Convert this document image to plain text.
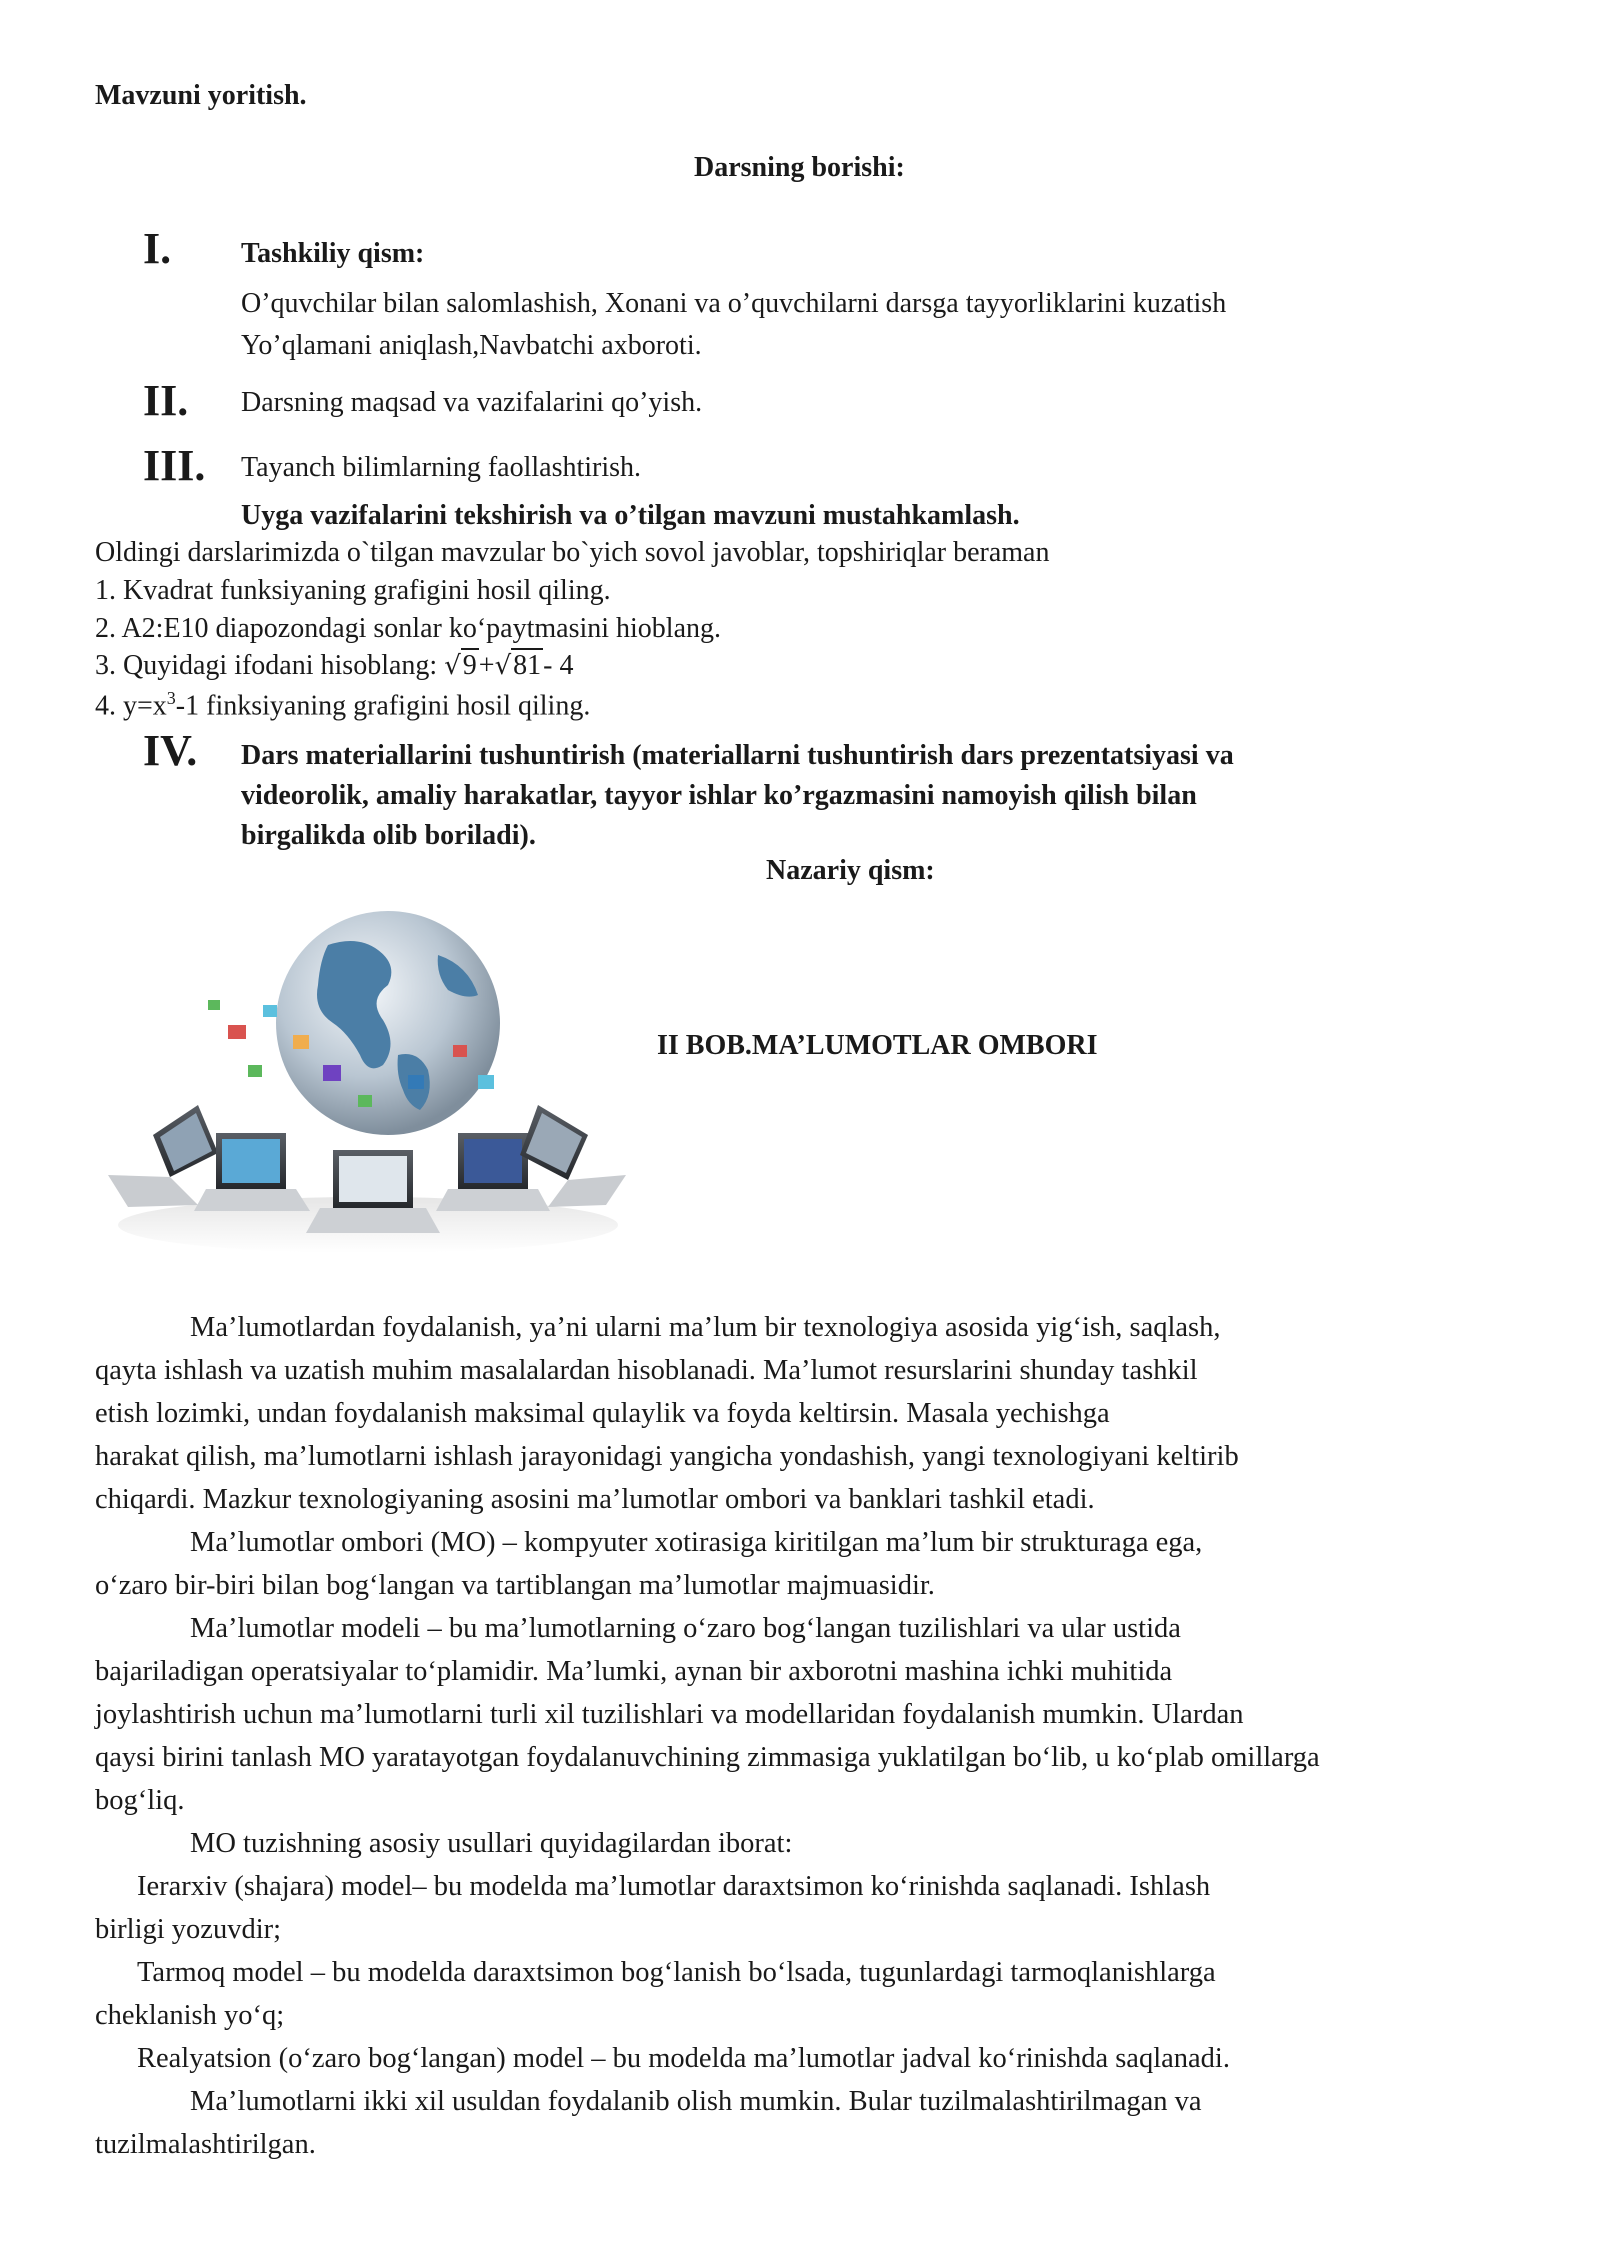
Mavzuni yoritish.

Darsning borishi:

I. Tashkiliy qism:

O’quvchilar bilan salomlashish, Xonani va o’quvchilarni darsga tayyorliklarini kuzatish

Yo’qlamani aniqlash,Navbatchi axboroti.

II. Darsning maqsad va vazifalarini qo’yish.

III. Tayanch bilimlarning faollashtirish.

Uyga vazifalarini tekshirish va o’tilgan mavzuni mustahkamlash.

Oldingi darslarimizda o`tilgan mavzular bo`yich sovol javoblar, topshiriqlar beraman

1. Kvadrat funksiyaning grafigini hosil qiling.

2. A2:E10 diapozondagi sonlar ko‘paytmasini hioblang.

3. Quyidagi ifodani hisoblang: √9+√81- 4

4. $y=x^3-1$ finksiyaning grafigini hosil qiling.

IV. Dars materiallarini tushuntirish (materiallarni tushuntirish dars prezentatsiyasi va

videorolik, amaliy harakatlar, tayyor ishlar ko’rgazmasini namoyish qilish bilan

birgalikda olib boriladi).

Nazariy qism:

II BOB.MA’LUMOTLAR OMBORI

Ma’lumotlardan foydalanish, ya’ni ularni ma’lum bir texnologiya asosida yig‘ish, saqlash,
qayta ishlash va uzatish muhim masalalardan hisoblanadi. Ma’lumot resurslarini shunday tashkil
etish lozimki, undan foydalanish maksimal qulaylik va foyda keltirsin. Masala yechishga
harakat qilish, ma’lumotlarni ishlash jarayonidagi yangicha yondashish, yangi texnologiyani keltirib
chiqardi. Mazkur texnologiyaning asosini ma’lumotlar ombori va banklari tashkil etadi.
Ma’lumotlar ombori (MO) – kompyuter xotirasiga kiritilgan ma’lum bir strukturaga ega,
o‘zaro bir-biri bilan bog‘langan va tartiblangan ma’lumotlar majmuasidir.
Ma’lumotlar modeli – bu ma’lumotlarning o‘zaro bog‘langan tuzilishlari va ular ustida
bajariladigan operatsiyalar to‘plamidir. Ma’lumki, aynan bir axborotni mashina ichki muhitida
joylashtirish uchun ma’lumotlarni turli xil tuzilishlari va modellaridan foydalanish mumkin. Ulardan
qaysi birini tanlash MO yaratayotgan foydalanuvchining zimmasiga yuklatilgan bo‘lib, u ko‘plab omillarga
bog‘liq.
MO tuzishning asosiy usullari quyidagilardan iborat:
Ierarxiv (shajara) model– bu modelda ma’lumotlar daraxtsimon ko‘rinishda saqlanadi. Ishlash
birligi yozuvdir;
Tarmoq model – bu modelda daraxtsimon bog‘lanish bo‘lsada, tugunlardagi tarmoqlanishlarga
cheklanish yo‘q;
Realyatsion (o‘zaro bog‘langan) model – bu modelda ma’lumotlar jadval ko‘rinishda saqlanadi.
Ma’lumotlarni ikki xil usuldan foydalanib olish mumkin. Bular tuzilmalashtirilmagan va
tuzilmalashtirilgan.
